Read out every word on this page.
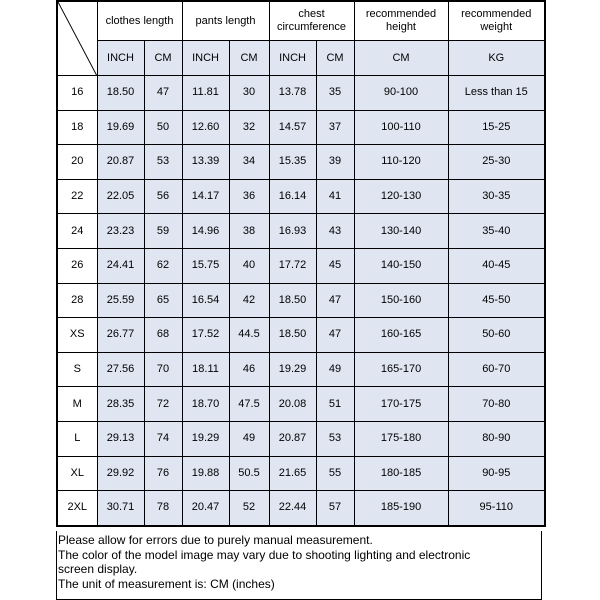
	clothes length		pants length		chest circumference		recommended height	recommended weight
	INCH	CM	INCH	CM	INCH	CM	CM	KG
16	18.50	47	11.81	30	13.78	35	90-100	Less than 15
18	19.69	50	12.60	32	14.57	37	100-110	15-25
20	20.87	53	13.39	34	15.35	39	110-120	25-30
22	22.05	56	14.17	36	16.14	41	120-130	30-35
24	23.23	59	14.96	38	16.93	43	130-140	35-40
26	24.41	62	15.75	40	17.72	45	140-150	40-45
28	25.59	65	16.54	42	18.50	47	150-160	45-50
XS	26.77	68	17.52	44.5	18.50	47	160-165	50-60
S	27.56	70	18.11	46	19.29	49	165-170	60-70
M	28.35	72	18.70	47.5	20.08	51	170-175	70-80
L	29.13	74	19.29	49	20.87	53	175-180	80-90
XL	29.92	76	19.88	50.5	21.65	55	180-185	90-95
2XL	30.71	78	20.47	52	22.44	57	185-190	95-110
Please allow for errors due to purely manual measurement.
The color of the model image may vary due to shooting lighting and electronic
screen display.
The unit of measurement is: CM (inches)
